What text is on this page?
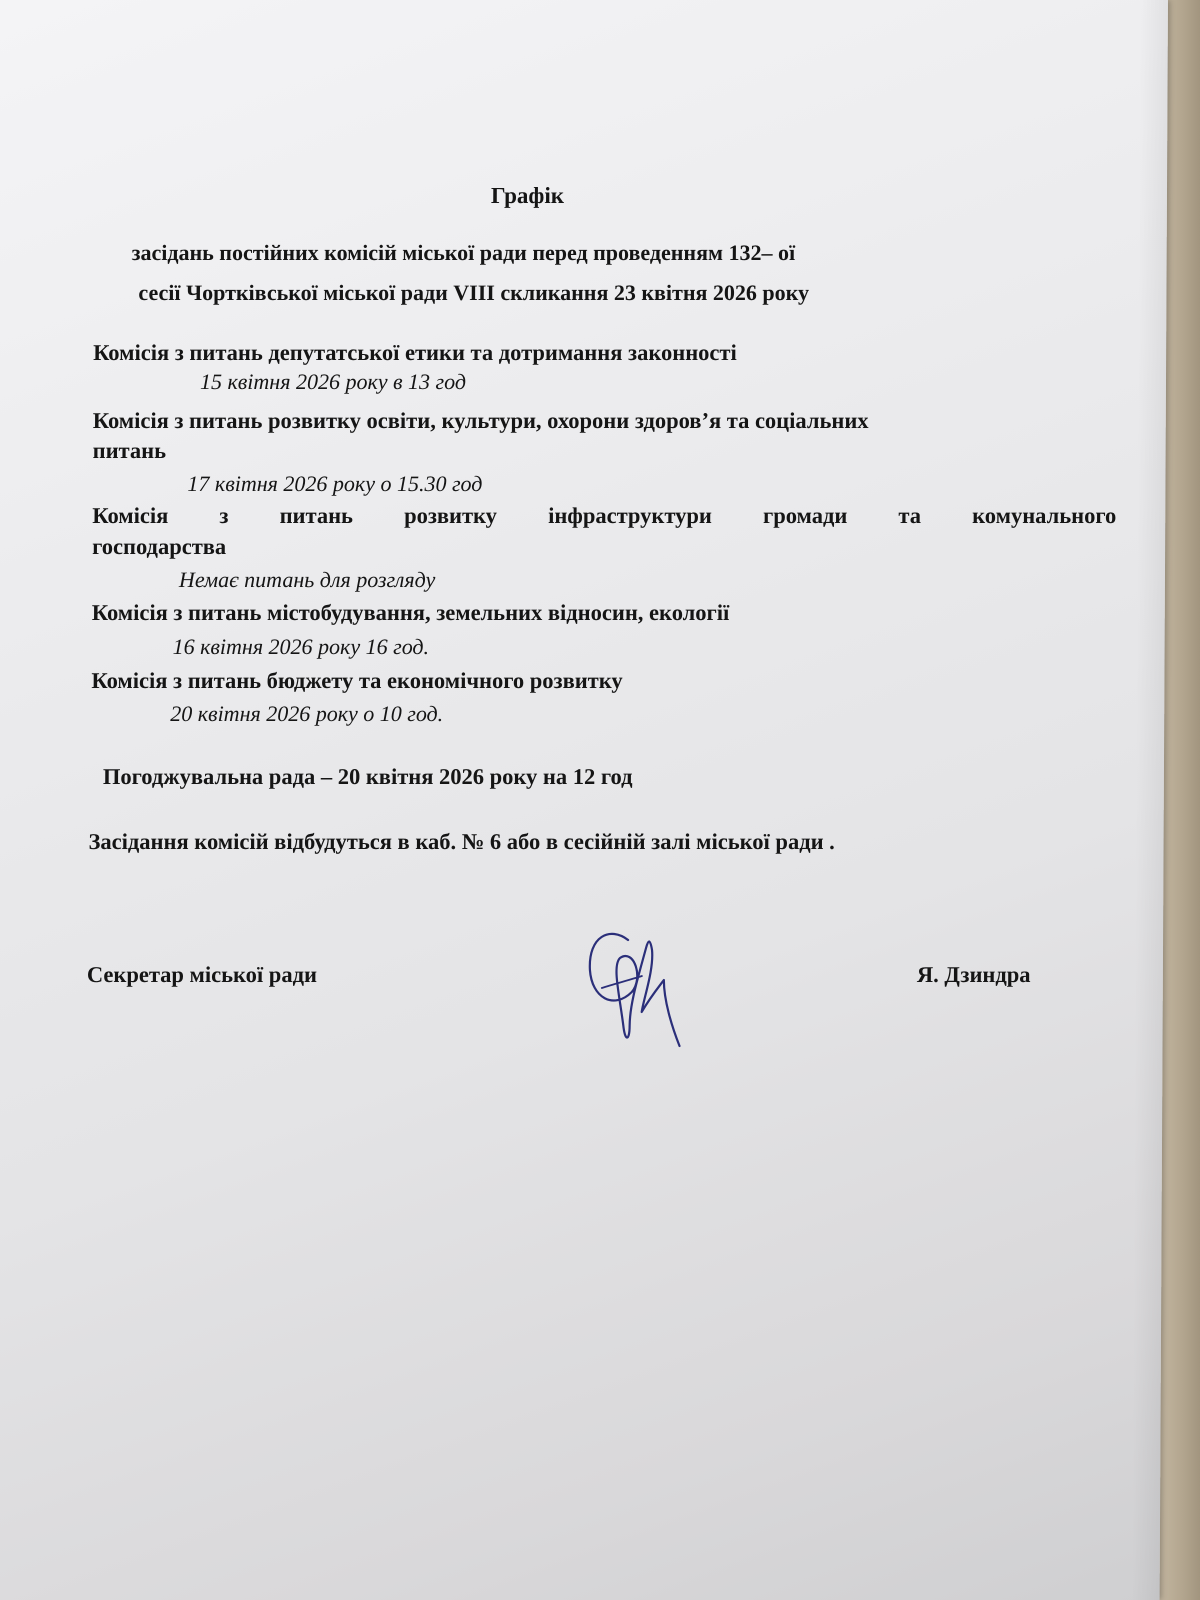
Графік
засідань постійних комісій міської ради перед проведенням 132– ої
сесії Чортківської міської ради VIII скликання 23 квітня 2026 року
Комісія з питань депутатської етики та дотримання законності
15 квітня 2026 року в 13 год
Комісія з питань розвитку освіти, культури, охорони здоров’я та соціальних
питань
17 квітня 2026 року о 15.30 год
Комісія з питань розвитку інфраструктури громади та комунального
господарства
Немає питань для розгляду
Комісія з питань містобудування, земельних відносин, екології
16 квітня 2026 року 16 год.
Комісія з питань бюджету та економічного розвитку
20 квітня 2026 року о 10 год.
Погоджувальна рада – 20 квітня 2026 року на 12 год
Засідання комісій відбудуться в каб. № 6 або в сесійній залі міської ради .
Секретар міської ради	Я. Дзиндра
